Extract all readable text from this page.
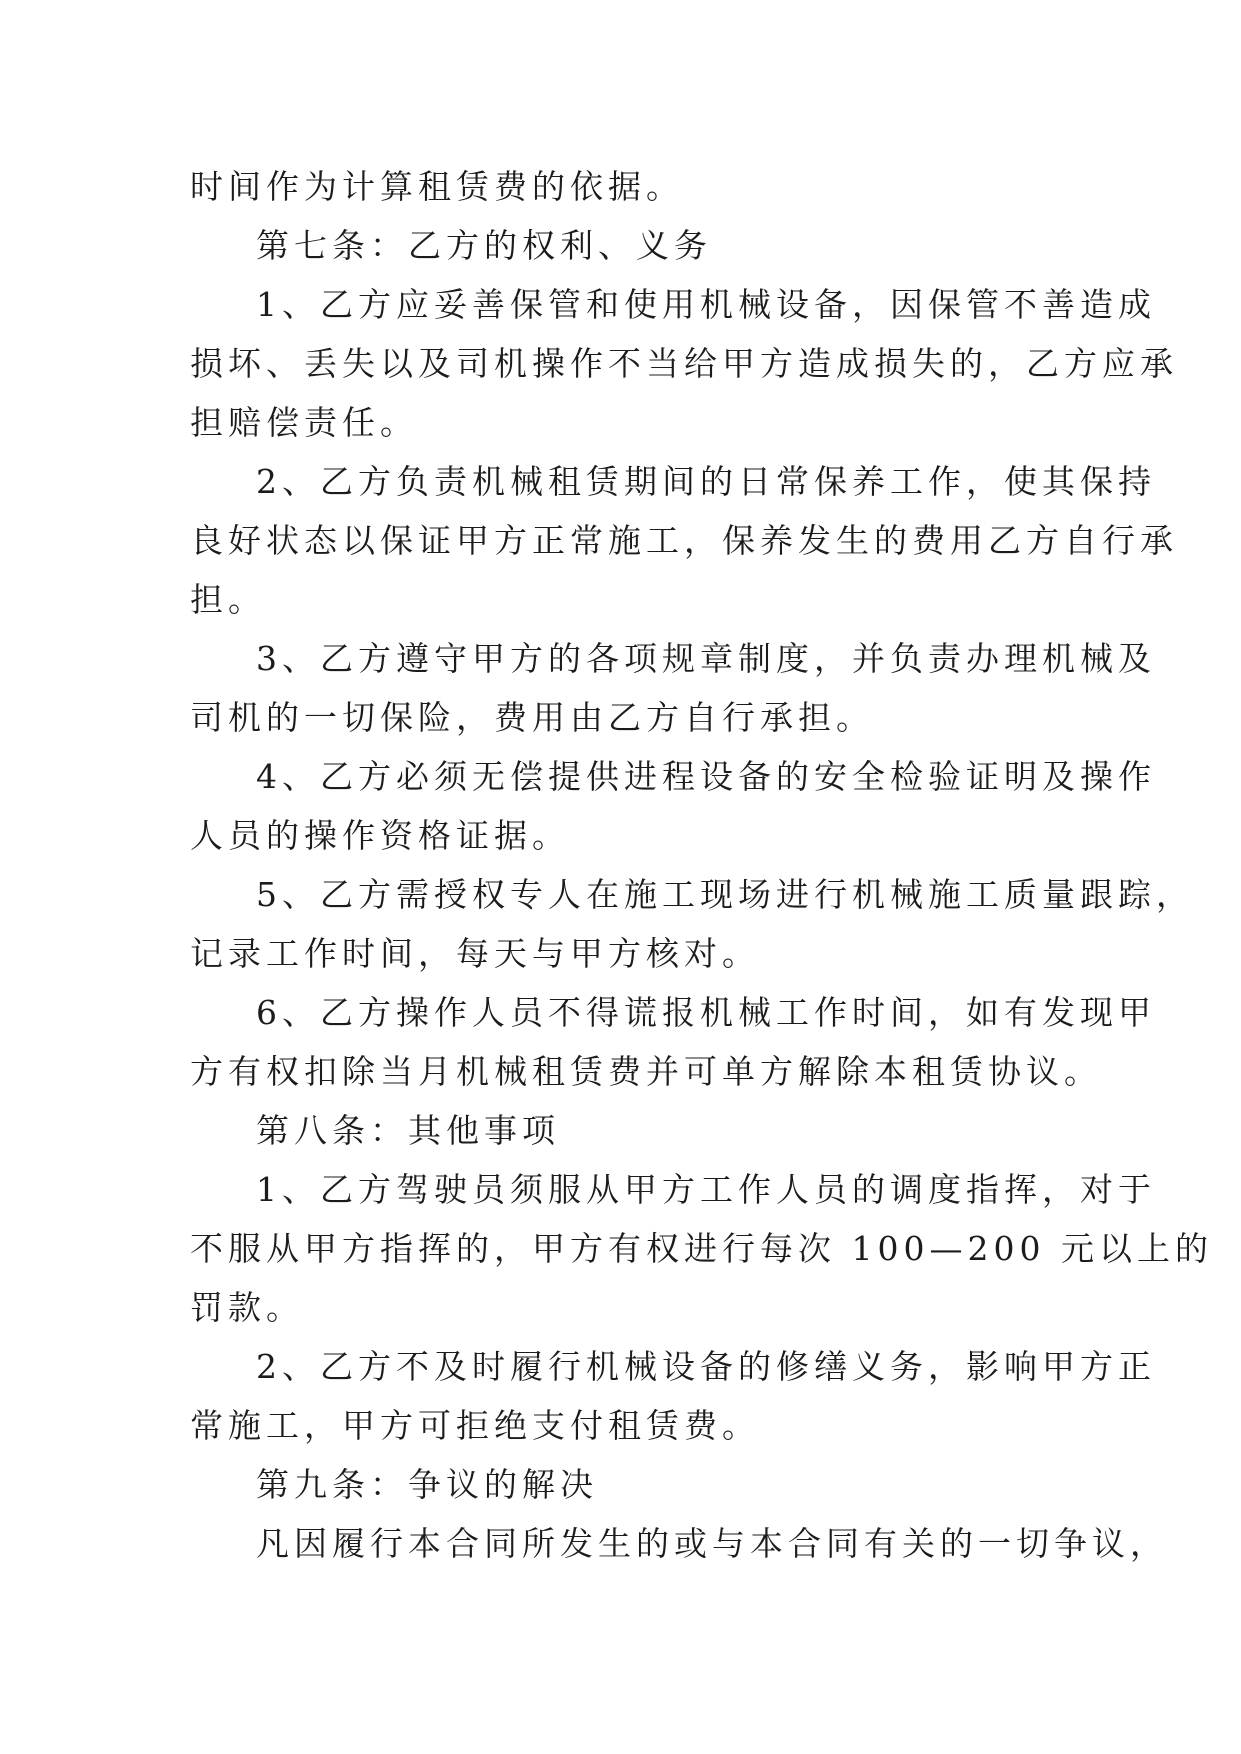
时间作为计算租赁费的依据。
第七条：乙方的权利、义务
1、乙方应妥善保管和使用机械设备，因保管不善造成
损坏、丢失以及司机操作不当给甲方造成损失的，乙方应承
担赔偿责任。
2、乙方负责机械租赁期间的日常保养工作，使其保持
良好状态以保证甲方正常施工，保养发生的费用乙方自行承
担。
3、乙方遵守甲方的各项规章制度，并负责办理机械及
司机的一切保险，费用由乙方自行承担。
4、乙方必须无偿提供进程设备的安全检验证明及操作
人员的操作资格证据。
5、乙方需授权专人在施工现场进行机械施工质量跟踪，
记录工作时间，每天与甲方核对。
6、乙方操作人员不得谎报机械工作时间，如有发现甲
方有权扣除当月机械租赁费并可单方解除本租赁协议。
第八条：其他事项
1、乙方驾驶员须服从甲方工作人员的调度指挥，对于
不服从甲方指挥的，甲方有权进行每次 100—200 元以上的
罚款。
2、乙方不及时履行机械设备的修缮义务，影响甲方正
常施工，甲方可拒绝支付租赁费。
第九条：争议的解决
凡因履行本合同所发生的或与本合同有关的一切争议，
